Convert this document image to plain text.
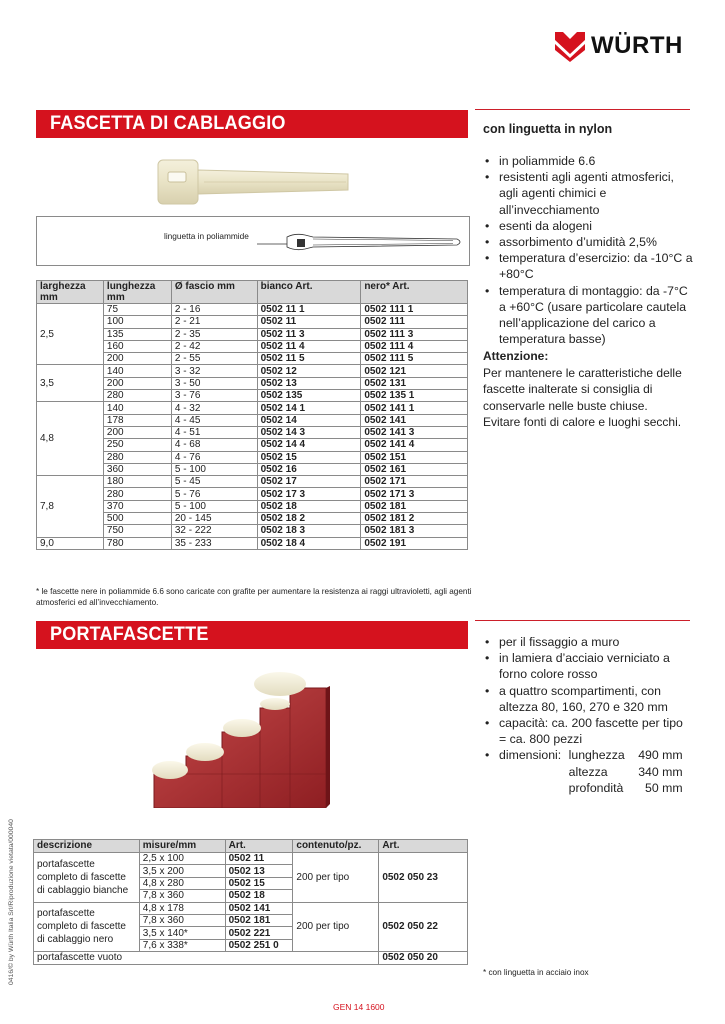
WÜRTH
FASCETTA DI CABLAGGIO
linguetta in poliammide
larghezza mm	lunghezza mm	Ø fascio mm	bianco Art.	nero* Art.
2,5	75	2 - 16	0502 11 1	0502 111 1
	100	2 - 21	0502 11	0502 111
	135	2 - 35	0502 11 3	0502 111 3
	160	2 - 42	0502 11 4	0502 111 4
	200	2 - 55	0502 11 5	0502 111 5
3,5	140	3 - 32	0502 12	0502 121
	200	3 - 50	0502 13	0502 131
	280	3 - 76	0502 135	0502 135 1
4,8	140	4 - 32	0502 14 1	0502 141 1
	178	4 - 45	0502 14	0502 141
	200	4 - 51	0502 14 3	0502 141 3
	250	4 - 68	0502 14 4	0502 141 4
	280	4 - 76	0502 15	0502 151
	360	5 - 100	0502 16	0502 161
7,8	180	5 - 45	0502 17	0502 171
	280	5 - 76	0502 17 3	0502 171 3
	370	5 - 100	0502 18	0502 181
	500	20 - 145	0502 18 2	0502 181 2
	750	32 - 222	0502 18 3	0502 181 3
9,0	780	35 - 233	0502 18 4	0502 191
* le fascette nere in poliammide 6.6 sono caricate con grafite per aumentare la resistenza ai raggi ultravioletti, agli agenti atmosferici ed all’invecchiamento.
con linguetta in nylon
• in poliammide 6.6
• resistenti agli agenti atmosferici, agli agenti chimici e all’invecchiamento
• esenti da alogeni
• assorbimento d’umidità 2,5%
• temperatura d’esercizio: da -10°C a +80°C
• temperatura di montaggio: da -7°C a +60°C (usare particolare cautela nell’applicazione del carico a temperatura basse)
Attenzione:
Per mantenere le caratteristiche delle fascette inalterate si consiglia di conservarle nelle buste chiuse. Evitare fonti di calore e luoghi secchi.
PORTAFASCETTE	• per il fissaggio a muro
• in lamiera d’acciaio verniciato a forno colore rosso
• a quattro scompartimenti, con altezza 80, 160, 270 e 320 mm
• capacità: ca. 200 fascette per tipo = ca. 800 pezzi
• dimensioni: lunghezza	490 mm
altezza	340 mm
profondità	50 mm
0416/© by Würth Italia Srl/Riproduzione vietata/000040 descrizione	misure/mm	Art.	contenuto/pz.	Art.
portafascette completo di fascette di cablaggio bianche	2,5 x 100	0502 11	200 per tipo	0502 050 23
	3,5 x 200	0502 13		
	4,8 x 280	0502 15		
	7,8 x 360	0502 18		
portafascette completo di fascette di cablaggio nero	4,8 x 178	0502 141	200 per tipo	0502 050 22
	7,8 x 360	0502 181		
	3,5 x 140*	0502 221		
	7,6 x 338*	0502 251 0		
portafascette vuoto				0502 050 20
* con linguetta in acciaio inox
GEN 14 1600
